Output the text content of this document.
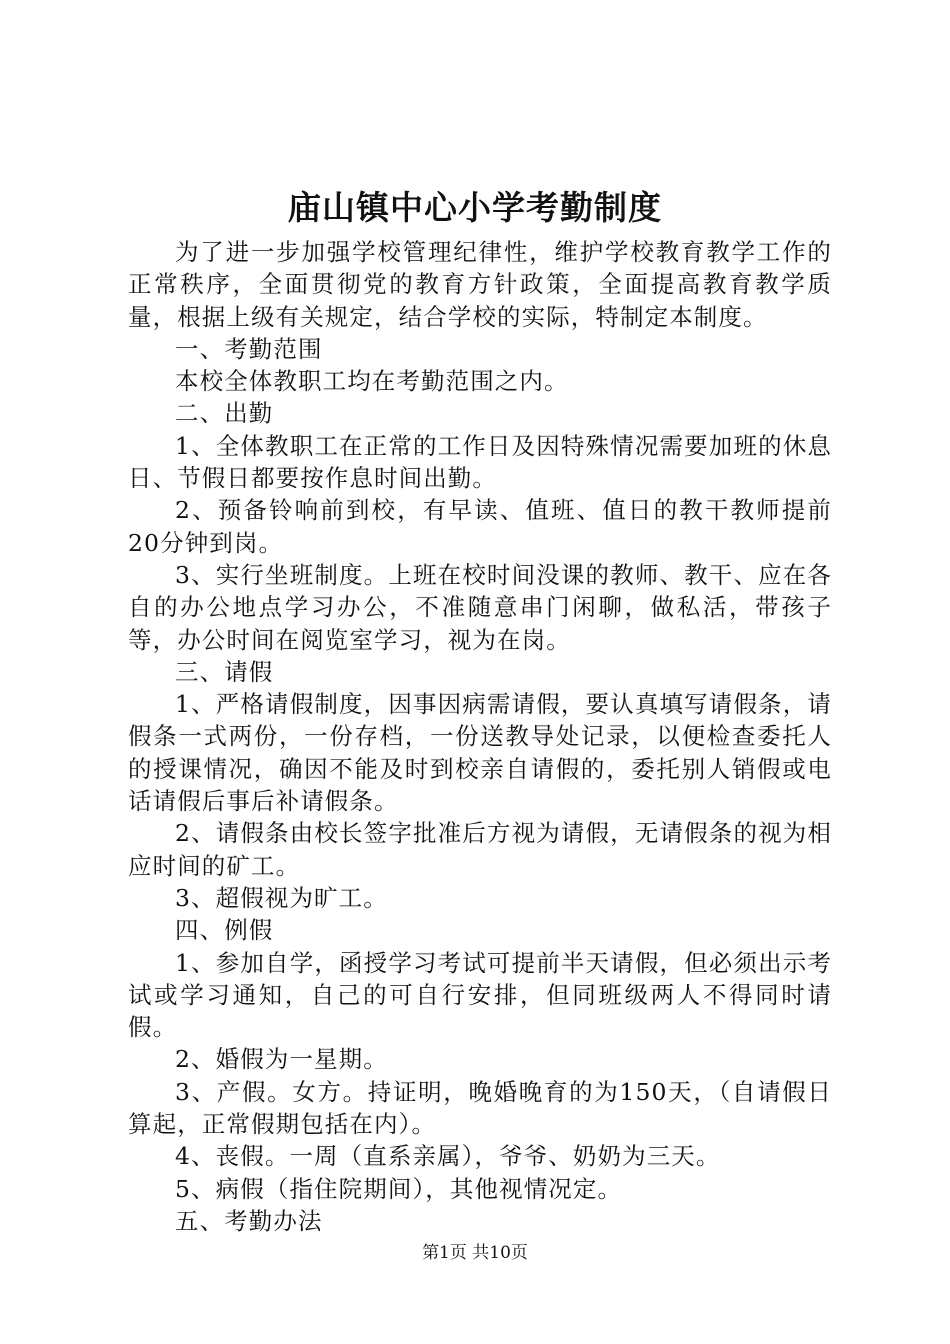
庙山镇中心小学考勤制度

为了进一步加强学校管理纪律性，维护学校教育教学工作的正常秩序，全面贯彻党的教育方针政策，全面提高教育教学质量，根据上级有关规定，结合学校的实际，特制定本制度。

一、考勤范围

本校全体教职工均在考勤范围之内。

二、出勤

1、全体教职工在正常的工作日及因特殊情况需要加班的休息日、节假日都要按作息时间出勤。

2、预备铃响前到校，有早读、值班、值日的教干教师提前20分钟到岗。

3、实行坐班制度。上班在校时间没课的教师、教干、应在各自的办公地点学习办公，不准随意串门闲聊，做私活，带孩子等，办公时间在阅览室学习，视为在岗。

三、请假

1、严格请假制度，因事因病需请假，要认真填写请假条，请假条一式两份，一份存档，一份送教导处记录，以便检查委托人的授课情况，确因不能及时到校亲自请假的，委托别人销假或电话请假后事后补请假条。

2、请假条由校长签字批准后方视为请假，无请假条的视为相应时间的矿工。

3、超假视为旷工。

四、例假

1、参加自学，函授学习考试可提前半天请假，但必须出示考试或学习通知，自己的可自行安排，但同班级两人不得同时请假。

2、婚假为一星期。

3、产假。女方。持证明，晚婚晚育的为150天，（自请假日算起，正常假期包括在内）。

4、丧假。一周（直系亲属），爷爷、奶奶为三天。

5、病假（指住院期间），其他视情况定。

五、考勤办法

第1页 共10页
